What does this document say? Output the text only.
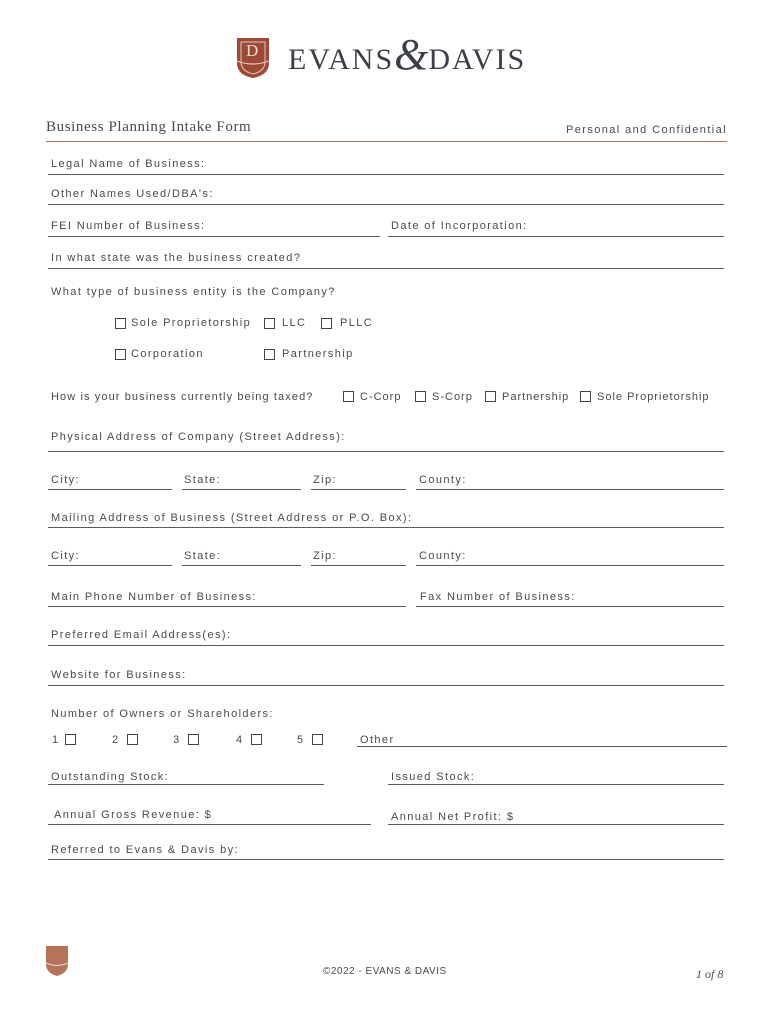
D EVANS&DAVIS
Business Planning Intake Form	Personal and Confidential
Legal Name of Business:
Other Names Used/DBA's:
FEI Number of Business:	Date of Incorporation:
In what state was the business created?
What type of business entity is the Company?
Sole Proprietorship	LLC	PLLC
Corporation	Partnership
How is your business currently being taxed?	C-Corp	S-Corp	Partnership	Sole Proprietorship
Physical Address of Company (Street Address):
City:	State:	Zip:	County:
Mailing Address of Business (Street Address or P.O. Box):
City:	State:	Zip:	County:
Main Phone Number of Business:	Fax Number of Business:
Preferred Email Address(es):
Website for Business:
Number of Owners or Shareholders:
1	2	3	4	5	Other
Outstanding Stock:	Issued Stock:
Annual Gross Revenue: $	Annual Net Profit: $
Referred to Evans & Davis by:
©2022 - EVANS & DAVIS	1 of 8
